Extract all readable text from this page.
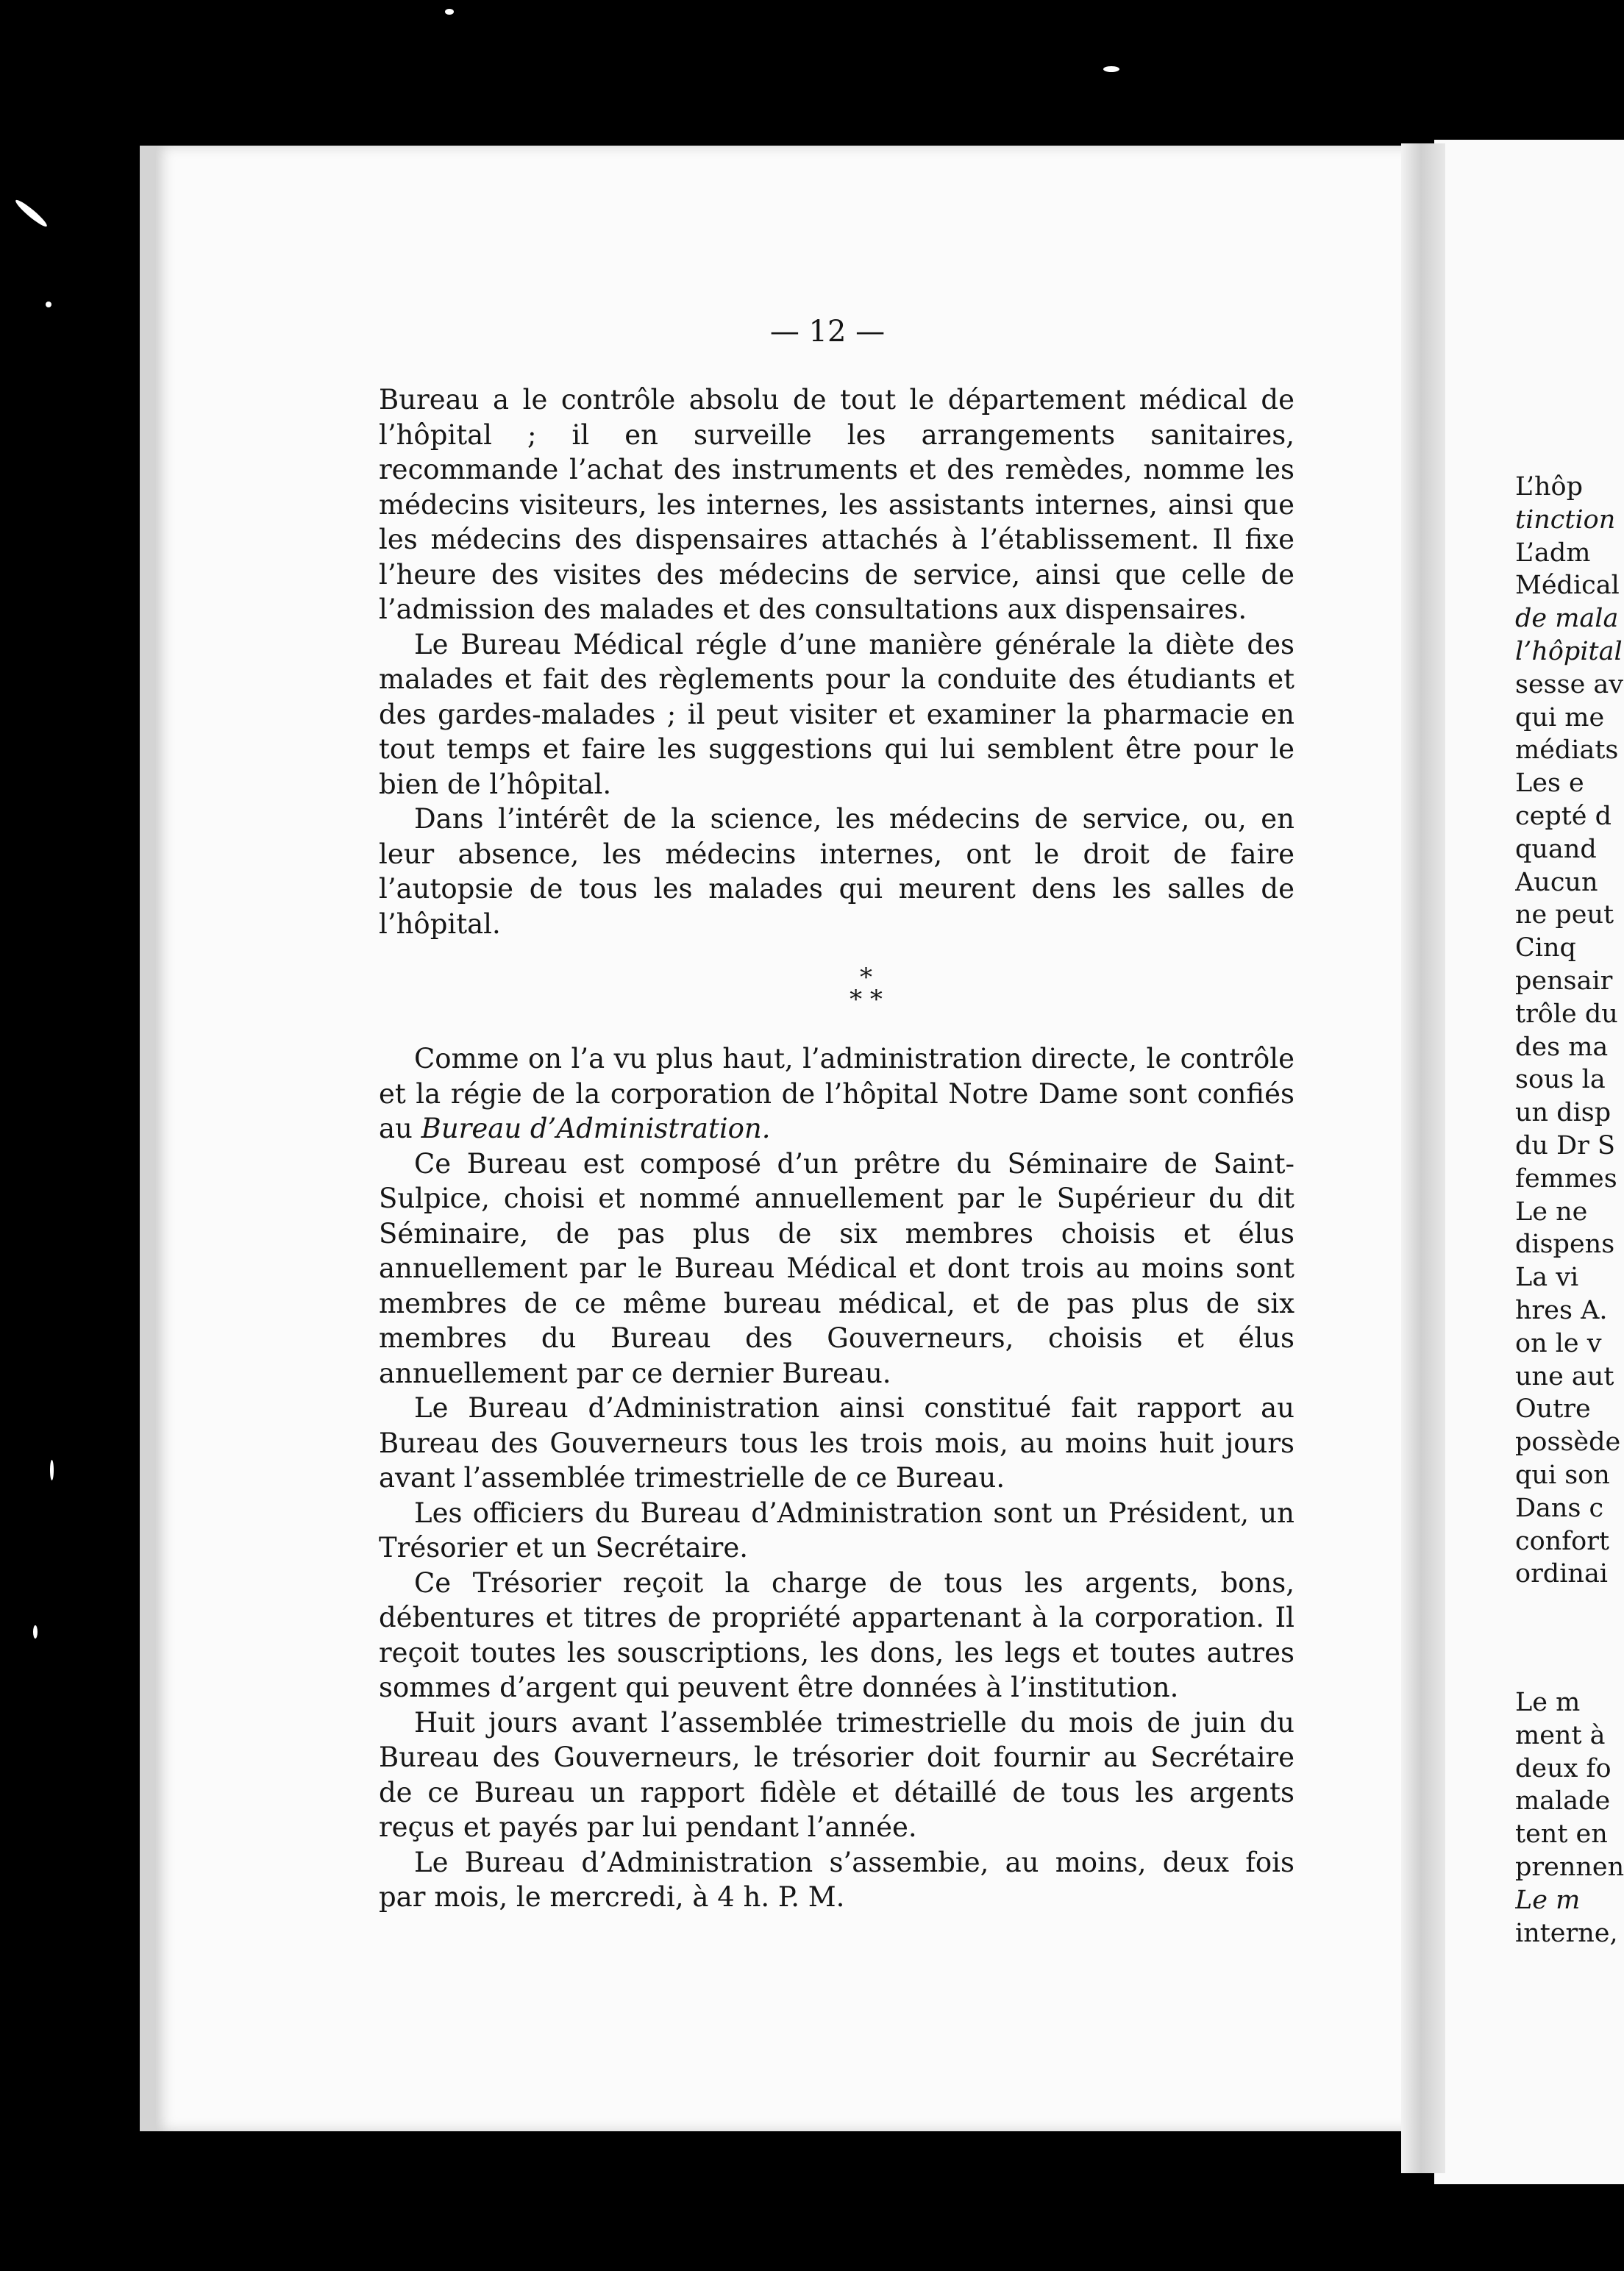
— 12 —

Bureau a le contrôle absolu de tout le département médical de l’hôpital ; il en surveille les arrangements sanitaires, recommande l’achat des instruments et des remèdes, nomme les médecins visiteurs, les internes, les assistants internes, ainsi que les médecins des dispensaires attachés à l’établissement. Il fixe l’heure des visites des médecins de service, ainsi que celle de l’admission des malades et des consultations aux dispensaires.

Le Bureau Médical régle d’une manière générale la diète des malades et fait des règlements pour la conduite des étudiants et des gardes-malades ; il peut visiter et examiner la pharmacie en tout temps et faire les suggestions qui lui semblent être pour le bien de l’hôpital.

Dans l’intérêt de la science, les médecins de service, ou, en leur absence, les médecins internes, ont le droit de faire l’autopsie de tous les malades qui meurent dens les salles de l’hôpital.

*
* *

Comme on l’a vu plus haut, l’administration directe, le contrôle et la régie de la corporation de l’hôpital Notre Dame sont confiés au Bureau d’Administration.

Ce Bureau est composé d’un prêtre du Séminaire de Saint-Sulpice, choisi et nommé annuellement par le Supérieur du dit Séminaire, de pas plus de six membres choisis et élus annuellement par le Bureau Médical et dont trois au moins sont membres de ce même bureau médical, et de pas plus de six membres du Bureau des Gouverneurs, choisis et élus annuellement par ce dernier Bureau.

Le Bureau d’Administration ainsi constitué fait rapport au Bureau des Gouverneurs tous les trois mois, au moins huit jours avant l’assemblée trimestrielle de ce Bureau.

Les officiers du Bureau d’Administration sont un Président, un Trésorier et un Secrétaire.

Ce Trésorier reçoit la charge de tous les argents, bons, débentures et titres de propriété appartenant à la corporation. Il reçoit toutes les souscriptions, les dons, les legs et toutes autres sommes d’argent qui peuvent être données à l’institution.

Huit jours avant l’assemblée trimestrielle du mois de juin du Bureau des Gouverneurs, le trésorier doit fournir au Secrétaire de ce Bureau un rapport fidèle et détaillé de tous les argents reçus et payés par lui pendant l’année.

Le Bureau d’Administration s’assembie, au moins, deux fois par mois, le mercredi, à 4 h. P. M.

L’hôp
tinction
L’adm
Médical
de mala
l’hôpital
sesse av
qui me
médiats
Les e
cepté d
quand
Aucun
ne peut
Cinq
pensair
trôle du
des ma
sous la
un disp
du Dr S
femmes
Le ne
dispens
La vi
hres A.
on le v
une aut
Outre
possède
qui son
Dans c
confort
ordinai
Le m
ment à
deux fo
malade
tent en
prennen
Le m
interne,
